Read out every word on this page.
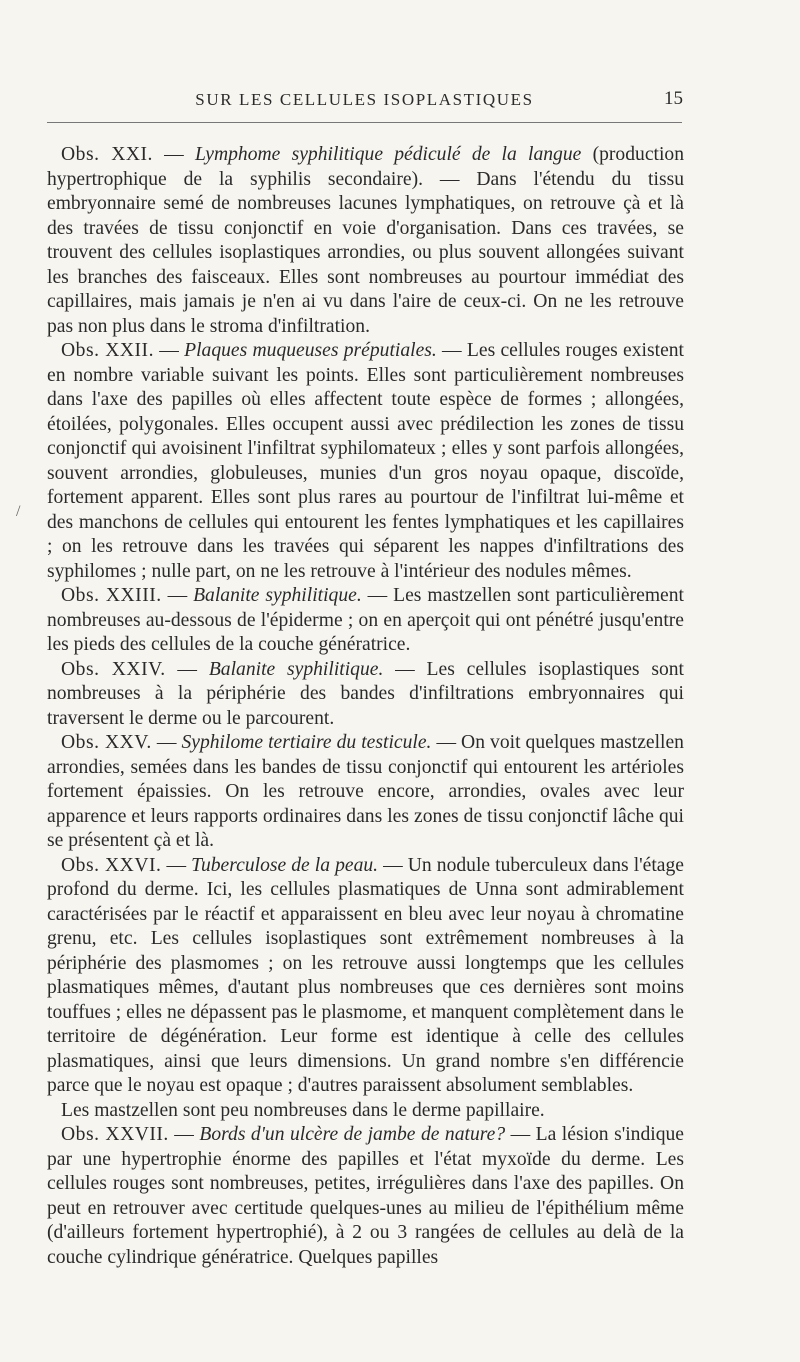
SUR LES CELLULES ISOPLASTIQUES	15
/

Obs. XXI. — Lymphome syphilitique pédiculé de la langue (production hypertrophique de la syphilis secondaire). — Dans l'étendu du tissu embryonnaire semé de nombreuses lacunes lymphatiques, on retrouve çà et là des travées de tissu conjonctif en voie d'organisation. Dans ces travées, se trouvent des cellules isoplastiques arrondies, ou plus souvent allongées suivant les branches des faisceaux. Elles sont nombreuses au pourtour immédiat des capillaires, mais jamais je n'en ai vu dans l'aire de ceux-ci. On ne les retrouve pas non plus dans le stroma d'infiltration.

Obs. XXII. — Plaques muqueuses préputiales. — Les cellules rouges existent en nombre variable suivant les points. Elles sont particulièrement nombreuses dans l'axe des papilles où elles affectent toute espèce de formes ; allongées, étoilées, polygonales. Elles occupent aussi avec prédilection les zones de tissu conjonctif qui avoisinent l'infiltrat syphilomateux ; elles y sont parfois allongées, souvent arrondies, globuleuses, munies d'un gros noyau opaque, discoïde, fortement apparent. Elles sont plus rares au pourtour de l'infiltrat lui-même et des manchons de cellules qui entourent les fentes lymphatiques et les capillaires ; on les retrouve dans les travées qui séparent les nappes d'infiltrations des syphilomes ; nulle part, on ne les retrouve à l'intérieur des nodules mêmes.

Obs. XXIII. — Balanite syphilitique. — Les mastzellen sont particulièrement nombreuses au-dessous de l'épiderme ; on en aperçoit qui ont pénétré jusqu'entre les pieds des cellules de la couche génératrice.

Obs. XXIV. — Balanite syphilitique. — Les cellules isoplastiques sont nombreuses à la périphérie des bandes d'infiltrations embryonnaires qui traversent le derme ou le parcourent.

Obs. XXV. — Syphilome tertiaire du testicule. — On voit quelques mastzellen arrondies, semées dans les bandes de tissu conjonctif qui entourent les artérioles fortement épaissies. On les retrouve encore, arrondies, ovales avec leur apparence et leurs rapports ordinaires dans les zones de tissu conjonctif lâche qui se présentent çà et là.

Obs. XXVI. — Tuberculose de la peau. — Un nodule tuberculeux dans l'étage profond du derme. Ici, les cellules plasmatiques de Unna sont admirablement caractérisées par le réactif et apparaissent en bleu avec leur noyau à chromatine grenu, etc. Les cellules isoplastiques sont extrêmement nombreuses à la périphérie des plasmomes ; on les retrouve aussi longtemps que les cellules plasmatiques mêmes, d'autant plus nombreuses que ces dernières sont moins touffues ; elles ne dépassent pas le plasmome, et manquent complètement dans le territoire de dégénération. Leur forme est identique à celle des cellules plasmatiques, ainsi que leurs dimensions. Un grand nombre s'en différencie parce que le noyau est opaque ; d'autres paraissent absolument semblables.

Les mastzellen sont peu nombreuses dans le derme papillaire.

Obs. XXVII. — Bords d'un ulcère de jambe de nature? — La lésion s'indique par une hypertrophie énorme des papilles et l'état myxoïde du derme. Les cellules rouges sont nombreuses, petites, irrégulières dans l'axe des papilles. On peut en retrouver avec certitude quelques-unes au milieu de l'épithélium même (d'ailleurs fortement hypertrophié), à 2 ou 3 rangées de cellules au delà de la couche cylindrique génératrice. Quelques papilles
